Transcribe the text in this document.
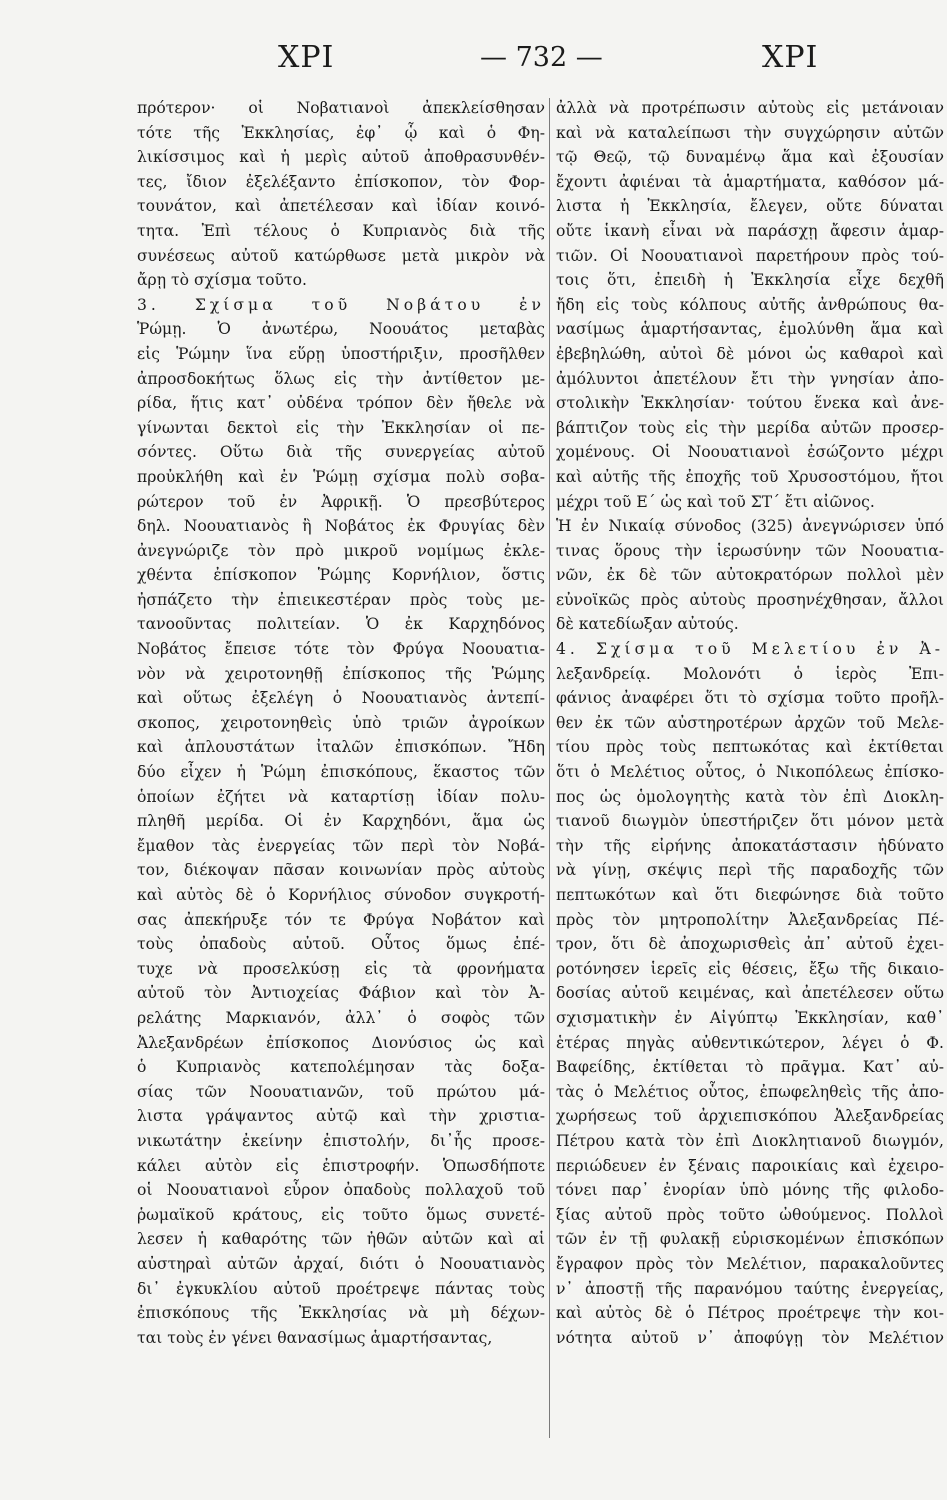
ΧΡΙ	— 732 —	ΧΡΙ
πρότερον· οἱ Νοβατιανοὶ ἀπεκλείσθησαν
τότε τῆς Ἐκκλησίας, ἐφ᾽ ᾧ καὶ ὁ Φη-
λικίσσιμος καὶ ἡ μερὶς αὐτοῦ ἀποθρασυνθέν-
τες, ἴδιον ἐξελέξαντο ἐπίσκοπον, τὸν Φορ-
τουνάτον, καὶ ἀπετέλεσαν καὶ ἰδίαν κοινό-
τητα. Ἐπὶ τέλους ὁ Κυπριανὸς διὰ τῆς
συνέσεως αὐτοῦ κατώρθωσε μετὰ μικρὸν νὰ
ἄρῃ τὸ σχίσμα τοῦτο.
3. Σχίσμα τοῦ Νοβάτου ἐν
Ῥώμῃ. Ὁ ἀνωτέρω, Νοουάτος μεταβὰς
εἰς Ῥώμην ἵνα εὕρῃ ὑποστήριξιν, προσῆλθεν
ἀπροσδοκήτως ὅλως εἰς τὴν ἀντίθετον με-
ρίδα, ἥτις κατ᾽ οὐδένα τρόπον δὲν ἤθελε νὰ
γίνωνται δεκτοὶ εἰς τὴν Ἐκκλησίαν οἱ πε-
σόντες. Οὕτω διὰ τῆς συνεργείας αὐτοῦ
προὐκλήθη καὶ ἐν Ῥώμῃ σχίσμα πολὺ σοβα-
ρώτερον τοῦ ἐν Ἀφρικῇ. Ὁ πρεσβύτερος
δηλ. Νοουατιανὸς ἢ Νοβάτος ἐκ Φρυγίας δὲν
ἀνεγνώριζε τὸν πρὸ μικροῦ νομίμως ἐκλε-
χθέντα ἐπίσκοπον Ῥώμης Κορνήλιον, ὅστις
ἠσπάζετο τὴν ἐπιεικεστέραν πρὸς τοὺς με-
τανοοῦντας πολιτείαν. Ὁ ἐκ Καρχηδόνος
Νοβάτος ἔπεισε τότε τὸν Φρύγα Νοουατια-
νὸν νὰ χειροτονηθῇ ἐπίσκοπος τῆς Ῥώμης
καὶ οὕτως ἐξελέγη ὁ Νοουατιανὸς ἀντεπί-
σκοπος, χειροτονηθεὶς ὑπὸ τριῶν ἀγροίκων
καὶ ἁπλουστάτων ἰταλῶν ἐπισκόπων. Ἤδη
δύο εἶχεν ἡ Ῥώμη ἐπισκόπους, ἕκαστος τῶν
ὁποίων ἐζήτει νὰ καταρτίσῃ ἰδίαν πολυ-
πληθῆ μερίδα. Οἱ ἐν Καρχηδόνι, ἅμα ὡς
ἔμαθον τὰς ἐνεργείας τῶν περὶ τὸν Νοβά-
τον, διέκοψαν πᾶσαν κοινωνίαν πρὸς αὐτοὺς
καὶ αὐτὸς δὲ ὁ Κορνήλιος σύνοδον συγκροτή-
σας ἀπεκήρυξε τόν τε Φρύγα Νοβάτον καὶ
τοὺς ὀπαδοὺς αὐτοῦ. Οὗτος ὅμως ἐπέ-
τυχε νὰ προσελκύσῃ εἰς τὰ φρονήματα
αὐτοῦ τὸν Ἀντιοχείας Φάβιον καὶ τὸν Ἀ-
ρελάτης Μαρκιανόν, ἀλλ᾽ ὁ σοφὸς τῶν
Ἀλεξανδρέων ἐπίσκοπος Διονύσιος ὡς καὶ
ὁ Κυπριανὸς κατεπολέμησαν τὰς δοξα-
σίας τῶν Νοουατιανῶν, τοῦ πρώτου μά-
λιστα γράψαντος αὐτῷ καὶ τὴν χριστια-
νικωτάτην ἐκείνην ἐπιστολήν, δι᾽ἧς προσε-
κάλει αὐτὸν εἰς ἐπιστροφήν. Ὁπωσδήποτε
οἱ Νοουατιανοὶ εὗρον ὀπαδοὺς πολλαχοῦ τοῦ
ῥωμαϊκοῦ κράτους, εἰς τοῦτο ὅμως συνετέ-
λεσεν ἡ καθαρότης τῶν ἠθῶν αὐτῶν καὶ αἱ
αὐστηραὶ αὐτῶν ἀρχαί, διότι ὁ Νοουατιανὸς
δι᾽ ἐγκυκλίου αὐτοῦ προέτρεψε πάντας τοὺς
ἐπισκόπους τῆς Ἐκκλησίας νὰ μὴ δέχων-
ται τοὺς ἐν γένει θανασίμως ἁμαρτήσαντας,
ἀλλὰ νὰ προτρέπωσιν αὐτοὺς εἰς μετάνοιαν
καὶ νὰ καταλείπωσι τὴν συγχώρησιν αὐτῶν
τῷ Θεῷ, τῷ δυναμένῳ ἅμα καὶ ἐξουσίαν
ἔχοντι ἀφιέναι τὰ ἁμαρτήματα, καθόσον μά-
λιστα ἡ Ἐκκλησία, ἔλεγεν, οὔτε δύναται
οὔτε ἱκανὴ εἶναι νὰ παράσχῃ ἄφεσιν ἁμαρ-
τιῶν. Οἱ Νοουατιανοὶ παρετήρουν πρὸς τού-
τοις ὅτι, ἐπειδὴ ἡ Ἐκκλησία εἶχε δεχθῆ
ἤδη εἰς τοὺς κόλπους αὐτῆς ἀνθρώπους θα-
νασίμως ἁμαρτήσαντας, ἐμολύνθη ἅμα καὶ
ἐβεβηλώθη, αὐτοὶ δὲ μόνοι ὡς καθαροὶ καὶ
ἀμόλυντοι ἀπετέλουν ἔτι τὴν γνησίαν ἀπο-
στολικὴν Ἐκκλησίαν· τούτου ἕνεκα καὶ ἀνε-
βάπτιζον τοὺς εἰς τὴν μερίδα αὐτῶν προσερ-
χομένους. Οἱ Νοουατιανοὶ ἐσώζοντο μέχρι
καὶ αὐτῆς τῆς ἐποχῆς τοῦ Χρυσοστόμου, ἤτοι
μέχρι τοῦ Ε´ ὡς καὶ τοῦ ΣΤ´ ἔτι αἰῶνος.
Ἡ ἐν Νικαίᾳ σύνοδος (325) ἀνεγνώρισεν ὑπό
τινας ὅρους τὴν ἱερωσύνην τῶν Νοουατια-
νῶν, ἐκ δὲ τῶν αὐτοκρατόρων πολλοὶ μὲν
εὐνοϊκῶς πρὸς αὐτοὺς προσηνέχθησαν, ἄλλοι
δὲ κατεδίωξαν αὐτούς.
4. Σχίσμα τοῦ Μελετίου ἐν Ἀ-
λεξανδρείᾳ. Μολονότι ὁ ἱερὸς Ἐπι-
φάνιος ἀναφέρει ὅτι τὸ σχίσμα τοῦτο προῆλ-
θεν ἐκ τῶν αὐστηροτέρων ἀρχῶν τοῦ Μελε-
τίου πρὸς τοὺς πεπτωκότας καὶ ἐκτίθεται
ὅτι ὁ Μελέτιος οὗτος, ὁ Νικοπόλεως ἐπίσκο-
πος ὡς ὁμολογητὴς κατὰ τὸν ἐπὶ Διοκλη-
τιανοῦ διωγμὸν ὑπεστήριζεν ὅτι μόνον μετὰ
τὴν τῆς εἰρήνης ἀποκατάστασιν ἠδύνατο
νὰ γίνῃ, σκέψις περὶ τῆς παραδοχῆς τῶν
πεπτωκότων καὶ ὅτι διεφώνησε διὰ τοῦτο
πρὸς τὸν μητροπολίτην Ἀλεξανδρείας Πέ-
τρον, ὅτι δὲ ἀποχωρισθεὶς ἀπ᾽ αὐτοῦ ἐχει-
ροτόνησεν ἱερεῖς εἰς θέσεις, ἔξω τῆς δικαιο-
δοσίας αὐτοῦ κειμένας, καὶ ἀπετέλεσεν οὕτω
σχισματικὴν ἐν Αἰγύπτῳ Ἐκκλησίαν, καθ᾽
ἑτέρας πηγὰς αὐθεντικώτερον, λέγει ὁ Φ.
Βαφείδης, ἐκτίθεται τὸ πρᾶγμα. Κατ᾽ αὐ-
τὰς ὁ Μελέτιος οὗτος, ἐπωφεληθεὶς τῆς ἀπο-
χωρήσεως τοῦ ἀρχιεπισκόπου Ἀλεξανδρείας
Πέτρου κατὰ τὸν ἐπὶ Διοκλητιανοῦ διωγμόν,
περιώδευεν ἐν ξέναις παροικίαις καὶ ἐχειρο-
τόνει παρ᾽ ἐνορίαν ὑπὸ μόνης τῆς φιλοδο-
ξίας αὐτοῦ πρὸς τοῦτο ὠθούμενος. Πολλοὶ
τῶν ἐν τῇ φυλακῇ εὑρισκομένων ἐπισκόπων
ἔγραφον πρὸς τὸν Μελέτιον, παρακαλοῦντες
ν᾽ ἀποστῇ τῆς παρανόμου ταύτης ἐνεργείας,
καὶ αὐτὸς δὲ ὁ Πέτρος προέτρεψε τὴν κοι-
νότητα αὐτοῦ ν᾽ ἀποφύγῃ τὸν Μελέτιον
